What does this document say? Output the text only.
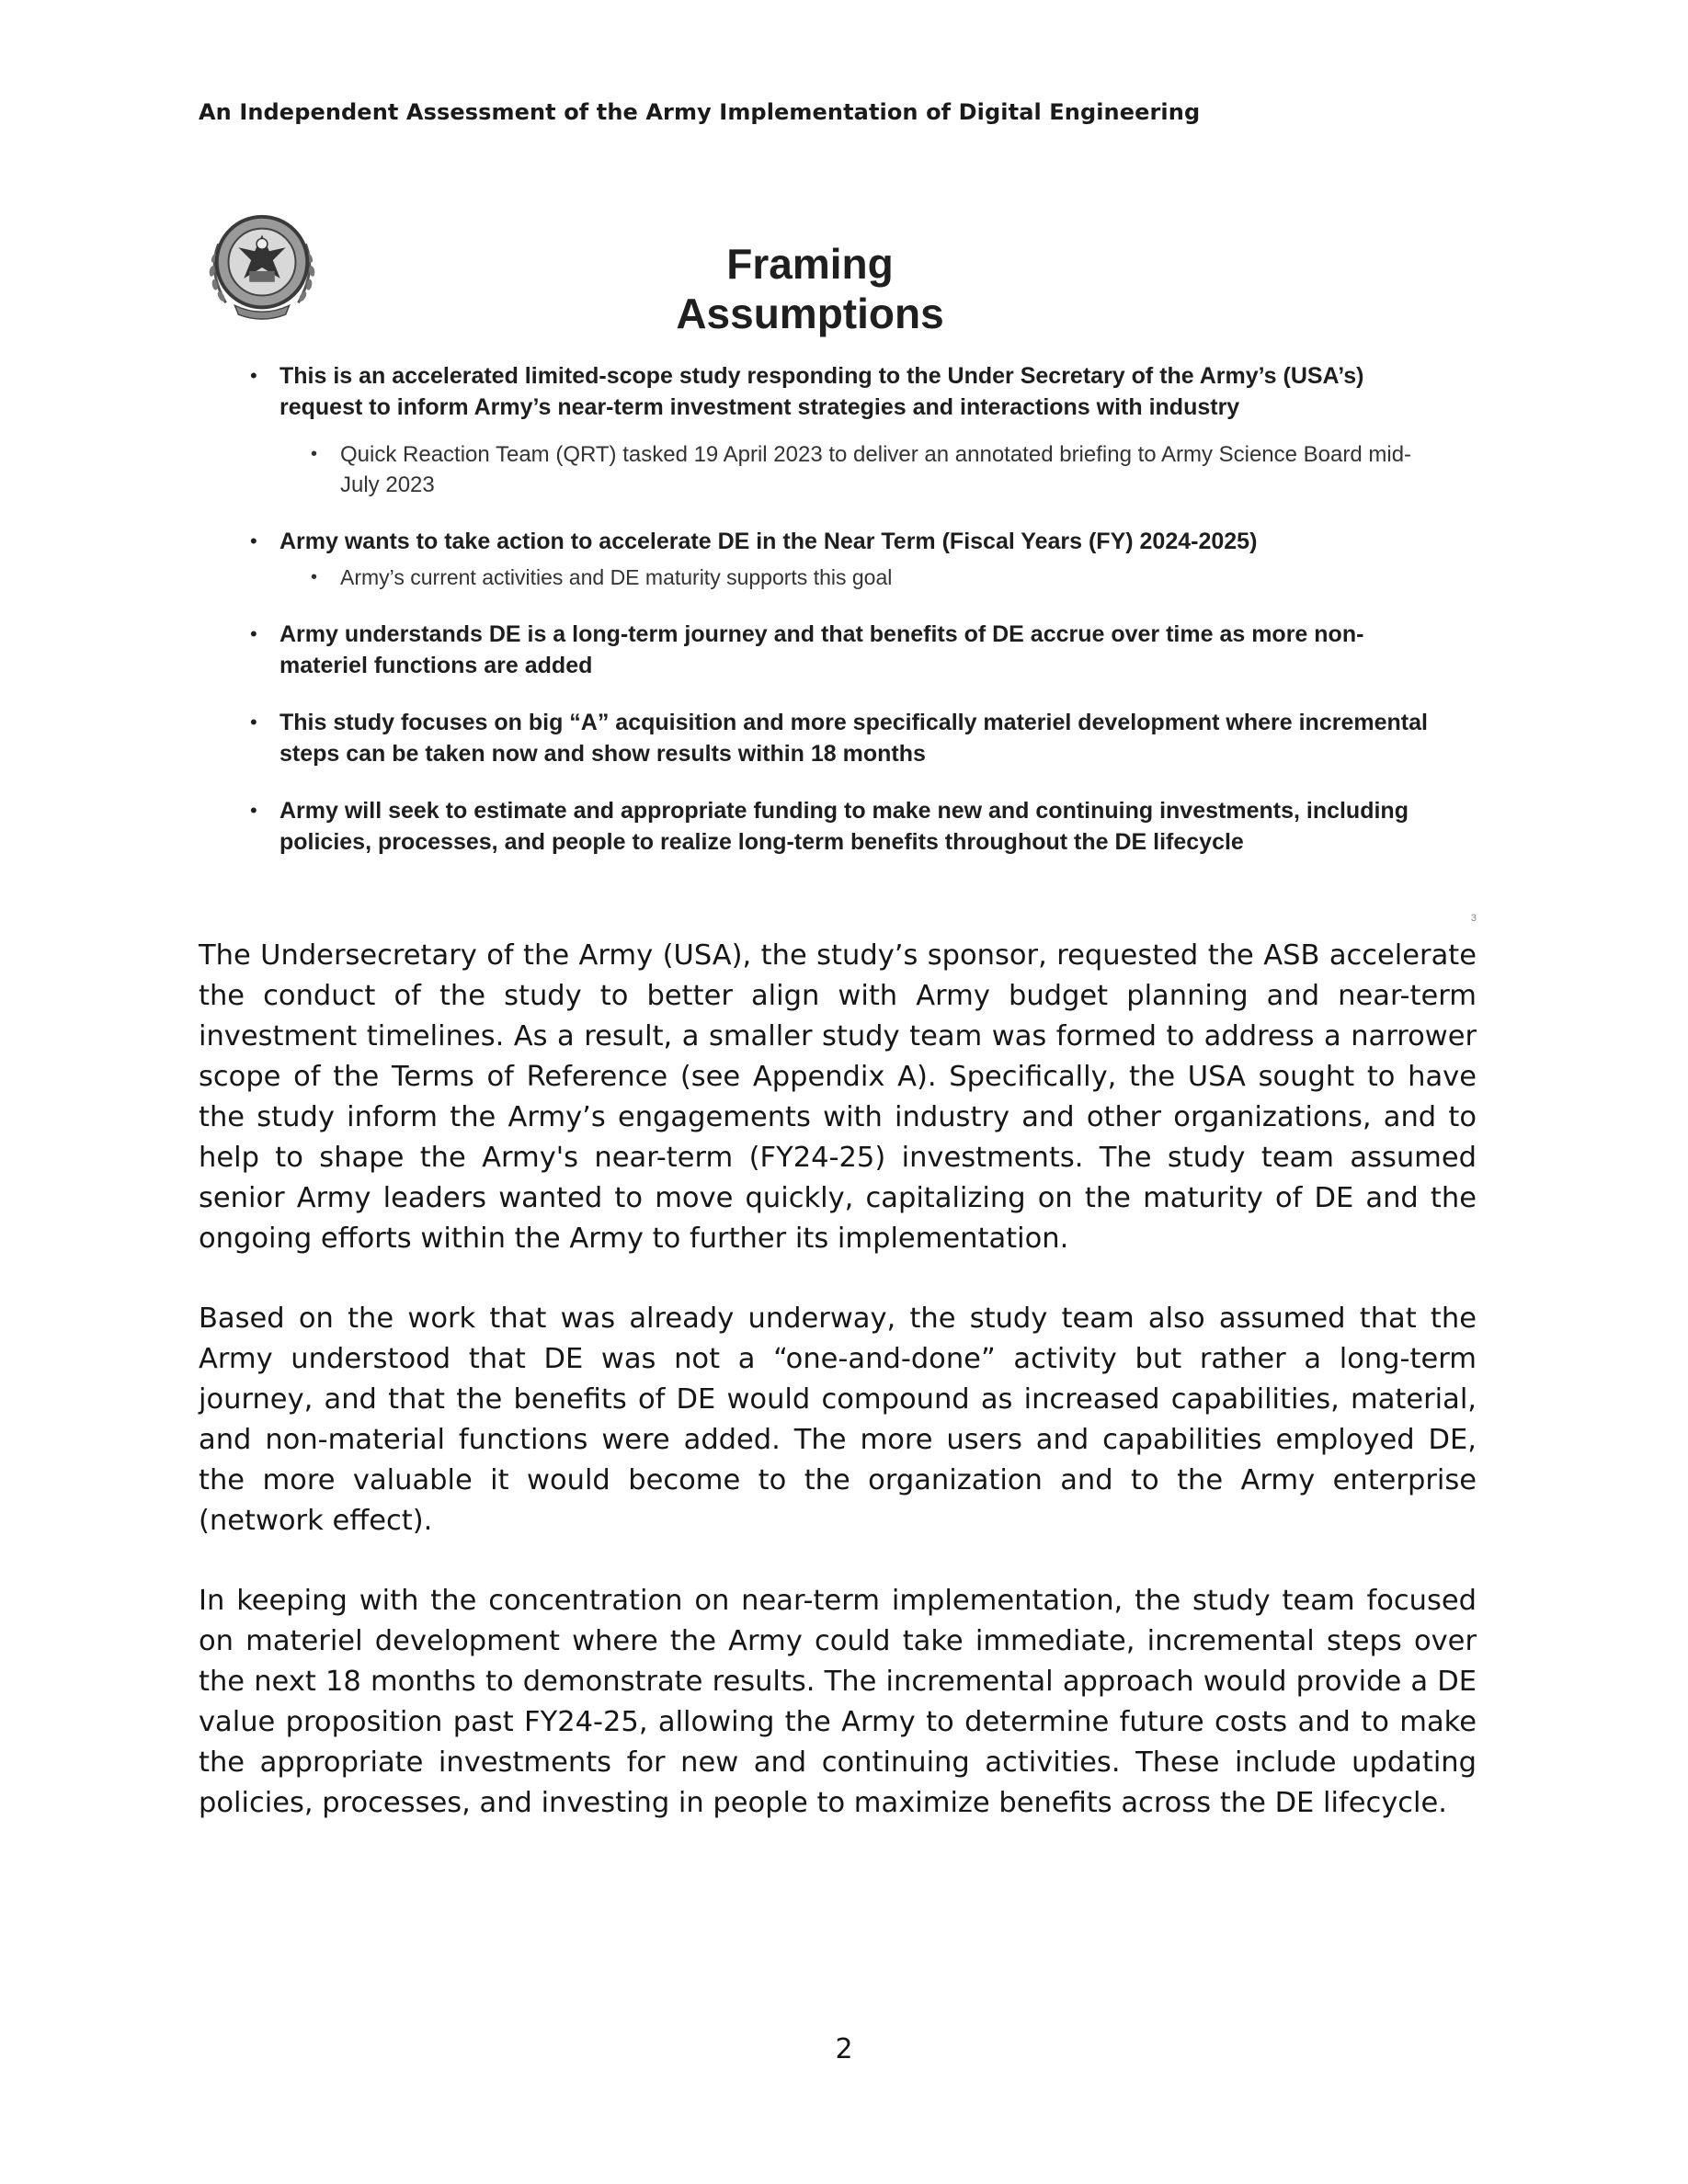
An Independent Assessment of the Army Implementation of Digital Engineering
Framing Assumptions
• This is an accelerated limited-scope study responding to the Under Secretary of the Army’s (USA’s) request to inform Army’s near-term investment strategies and interactions with industry
• Quick Reaction Team (QRT) tasked 19 April 2023 to deliver an annotated briefing to Army Science Board mid-July 2023
• Army wants to take action to accelerate DE in the Near Term (Fiscal Years (FY) 2024-2025)
• Army’s current activities and DE maturity supports this goal
• Army understands DE is a long-term journey and that benefits of DE accrue over time as more non-materiel functions are added
• This study focuses on big “A” acquisition and more specifically materiel development where incremental steps can be taken now and show results within 18 months
• Army will seek to estimate and appropriate funding to make new and continuing investments, including policies, processes, and people to realize long-term benefits throughout the DE lifecycle
3

The Undersecretary of the Army (USA), the study’s sponsor, requested the ASB accelerate the conduct of the study to better align with Army budget planning and near-term investment timelines. As a result, a smaller study team was formed to address a narrower scope of the Terms of Reference (see Appendix A). Specifically, the USA sought to have the study inform the Army’s engagements with industry and other organizations, and to help to shape the Army's near-term (FY24-25) investments. The study team assumed senior Army leaders wanted to move quickly, capitalizing on the maturity of DE and the ongoing efforts within the Army to further its implementation.

Based on the work that was already underway, the study team also assumed that the Army understood that DE was not a “one-and-done” activity but rather a long-term journey, and that the benefits of DE would compound as increased capabilities, material, and non-material functions were added. The more users and capabilities employed DE, the more valuable it would become to the organization and to the Army enterprise (network effect).

In keeping with the concentration on near-term implementation, the study team focused on materiel development where the Army could take immediate, incremental steps over the next 18 months to demonstrate results. The incremental approach would provide a DE value proposition past FY24-25, allowing the Army to determine future costs and to make the appropriate investments for new and continuing activities. These include updating policies, processes, and investing in people to maximize benefits across the DE lifecycle.

2
